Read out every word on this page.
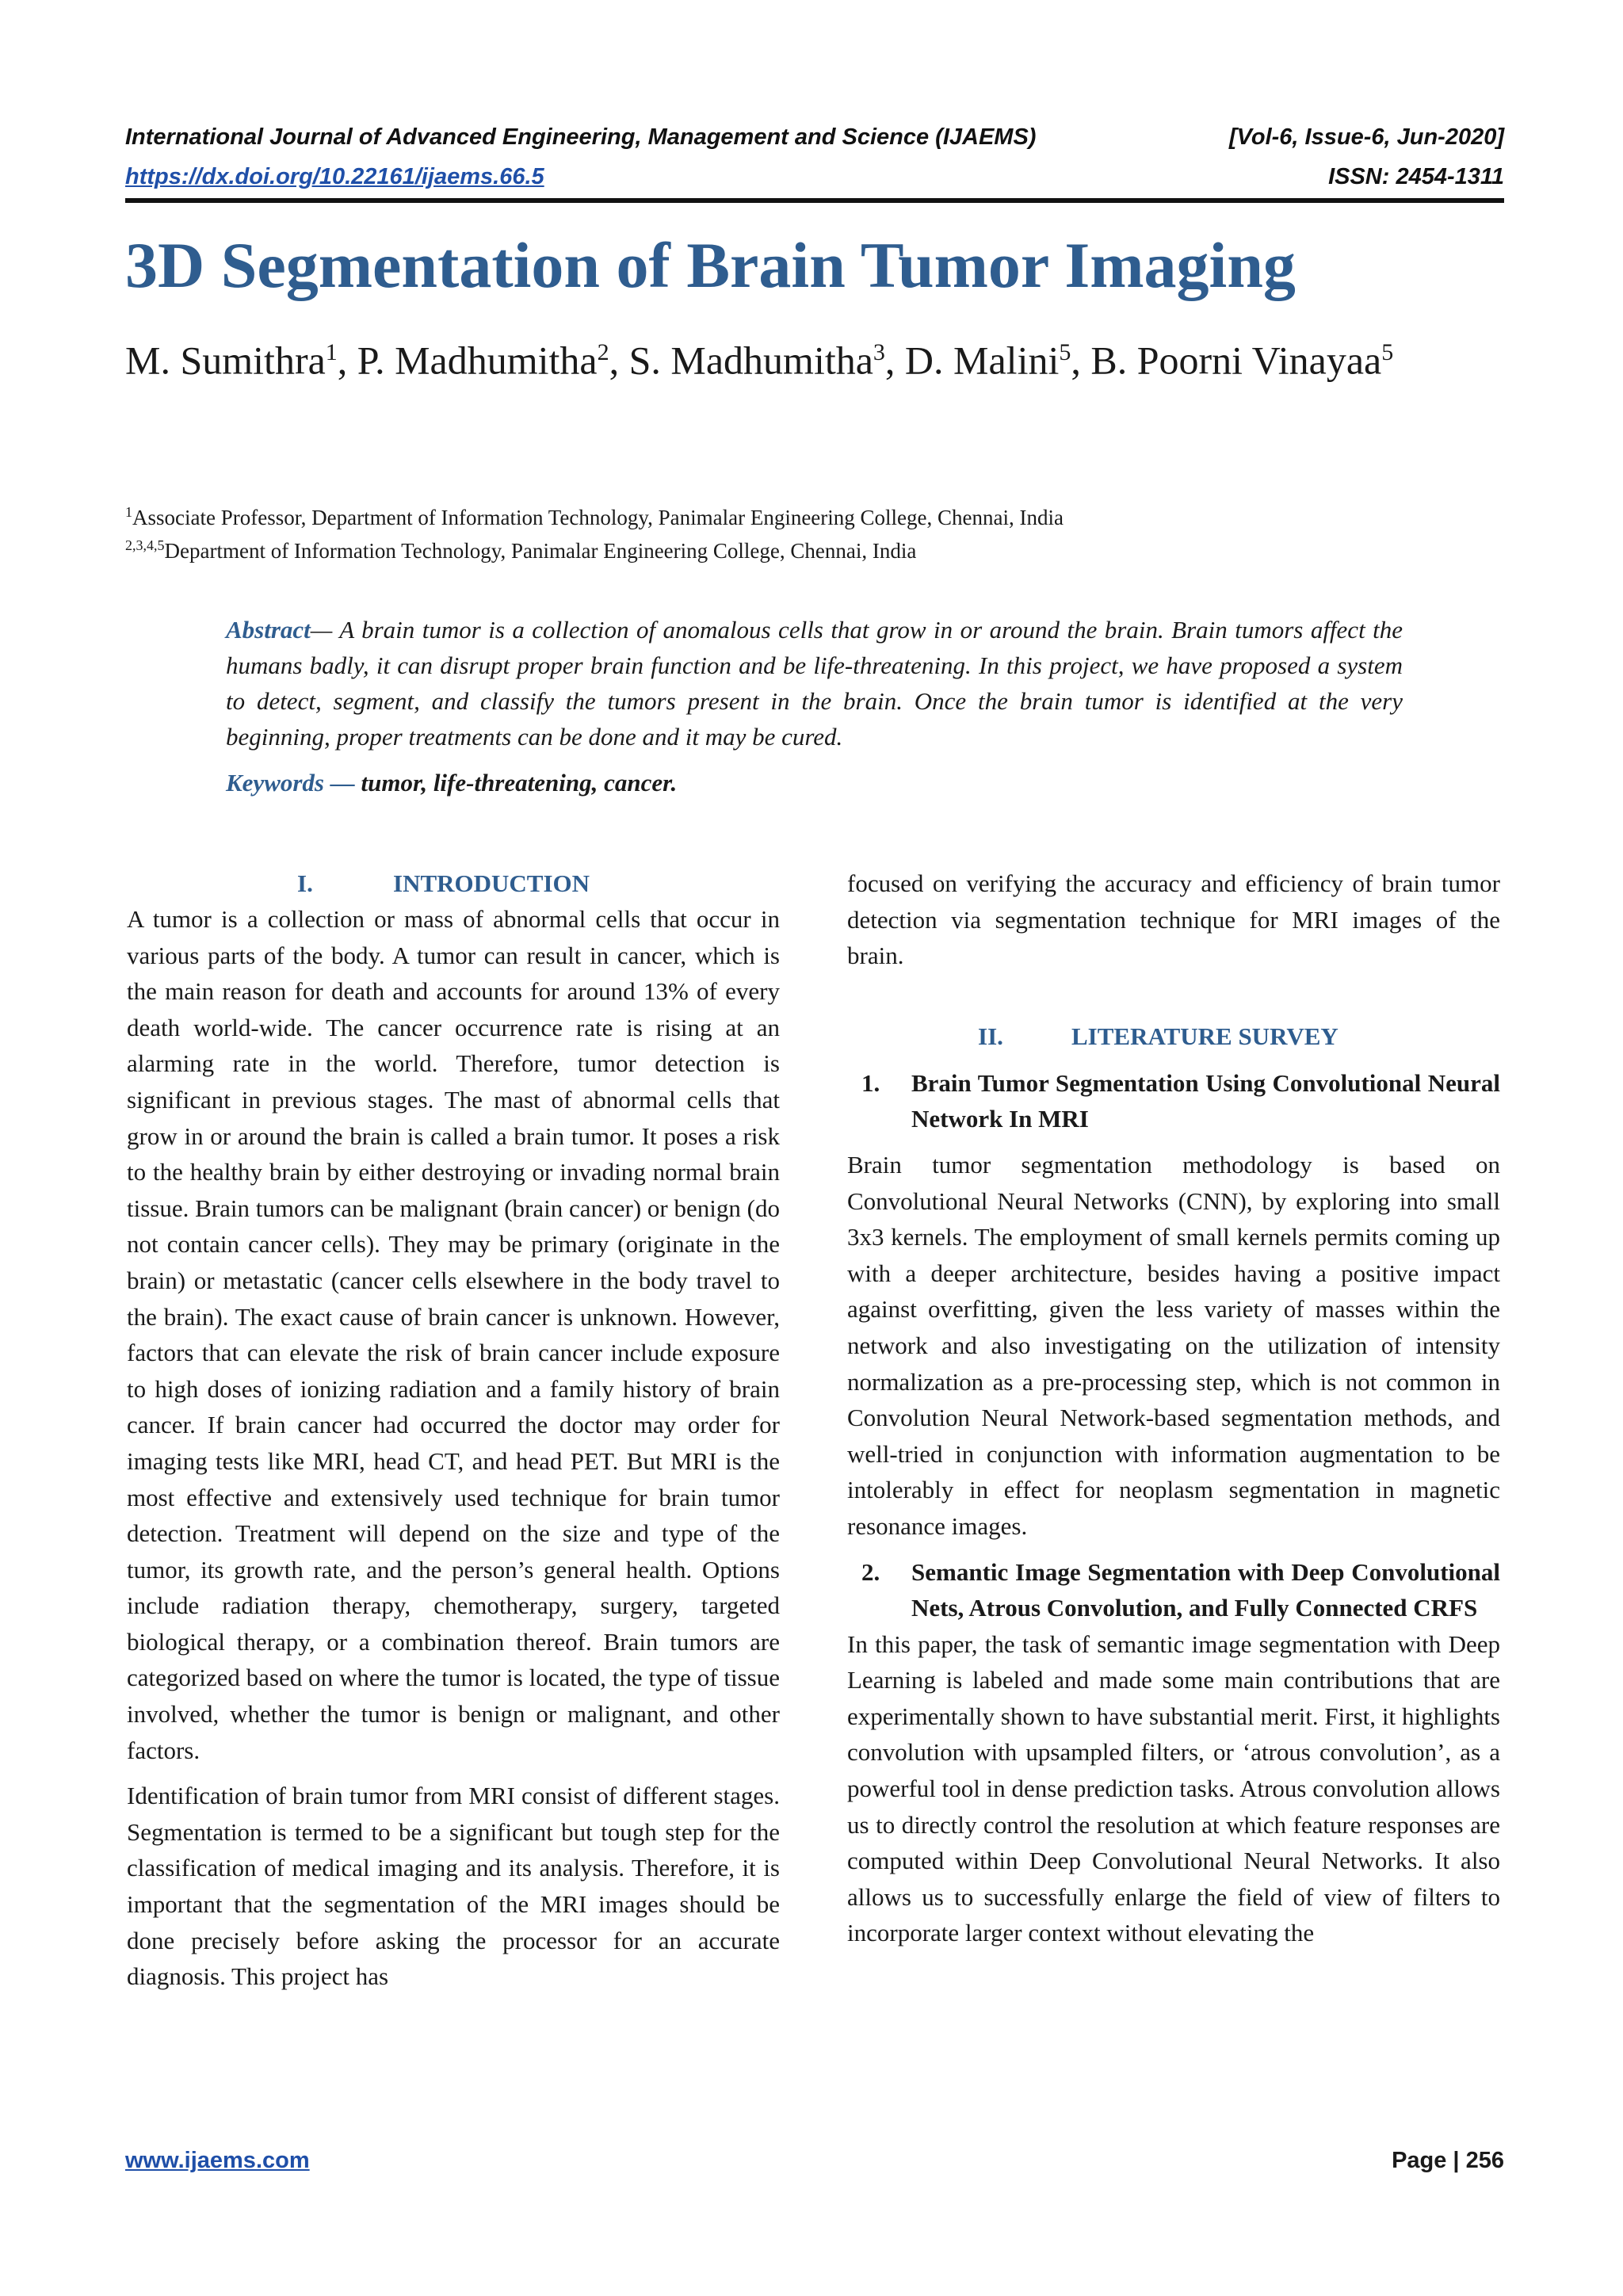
International Journal of Advanced Engineering, Management and Science (IJAEMS)	[Vol-6, Issue-6, Jun-2020]
https://dx.doi.org/10.22161/ijaems.66.5	ISSN: 2454-1311
3D Segmentation of Brain Tumor Imaging
M. Sumithra$^1$, P. Madhumitha$^2$, S. Madhumitha$^3$, D. Malini$^5$, B. Poorni Vinayaa$^5$
$^1$Associate Professor, Department of Information Technology, Panimalar Engineering College, Chennai, India
$^{2,3,4,5}$Department of Information Technology, Panimalar Engineering College, Chennai, India
Abstract— A brain tumor is a collection of anomalous cells that grow in or around the brain. Brain tumors affect the humans badly, it can disrupt proper brain function and be life-threatening. In this project, we have proposed a system to detect, segment, and classify the tumors present in the brain. Once the brain tumor is identified at the very beginning, proper treatments can be done and it may be cured.
Keywords — tumor, life-threatening, cancer.
I.	INTRODUCTION

A tumor is a collection or mass of abnormal cells that occur in various parts of the body. A tumor can result in cancer, which is the main reason for death and accounts for around 13% of every death world-wide. The cancer occurrence rate is rising at an alarming rate in the world. Therefore, tumor detection is significant in previous stages. The mast of abnormal cells that grow in or around the brain is called a brain tumor. It poses a risk to the healthy brain by either destroying or invading normal brain tissue. Brain tumors can be malignant (brain cancer) or benign (do not contain cancer cells). They may be primary (originate in the brain) or metastatic (cancer cells elsewhere in the body travel to the brain). The exact cause of brain cancer is unknown. However, factors that can elevate the risk of brain cancer include exposure to high doses of ionizing radiation and a family history of brain cancer. If brain cancer had occurred the doctor may order for imaging tests like MRI, head CT, and head PET. But MRI is the most effective and extensively used technique for brain tumor detection. Treatment will depend on the size and type of the tumor, its growth rate, and the person’s general health. Options include radiation therapy, chemotherapy, surgery, targeted biological therapy, or a combination thereof. Brain tumors are categorized based on where the tumor is located, the type of tissue involved, whether the tumor is benign or malignant, and other factors.

Identification of brain tumor from MRI consist of different stages. Segmentation is termed to be a significant but tough step for the classification of medical imaging and its analysis. Therefore, it is important that the segmentation of the MRI images should be done precisely before asking the processor for an accurate diagnosis. This project has

focused on verifying the accuracy and efficiency of brain tumor detection via segmentation technique for MRI images of the brain.

II.	LITERATURE SURVEY
1.	Brain Tumor Segmentation Using Convolutional Neural Network In MRI

Brain tumor segmentation methodology is based on Convolutional Neural Networks (CNN), by exploring into small 3x3 kernels. The employment of small kernels permits coming up with a deeper architecture, besides having a positive impact against overfitting, given the less variety of masses within the network and also investigating on the utilization of intensity normalization as a pre-processing step, which is not common in Convolution Neural Network-based segmentation methods, and well-tried in conjunction with information augmentation to be intolerably in effect for neoplasm segmentation in magnetic resonance images.

2.	Semantic Image Segmentation with Deep Convolutional Nets, Atrous Convolution, and Fully Connected CRFS

In this paper, the task of semantic image segmentation with Deep Learning is labeled and made some main contributions that are experimentally shown to have substantial merit. First, it highlights convolution with upsampled filters, or ‘atrous convolution’, as a powerful tool in dense prediction tasks. Atrous convolution allows us to directly control the resolution at which feature responses are computed within Deep Convolutional Neural Networks. It also allows us to successfully enlarge the field of view of filters to incorporate larger context without elevating the

www.ijaems.com	Page | 256
